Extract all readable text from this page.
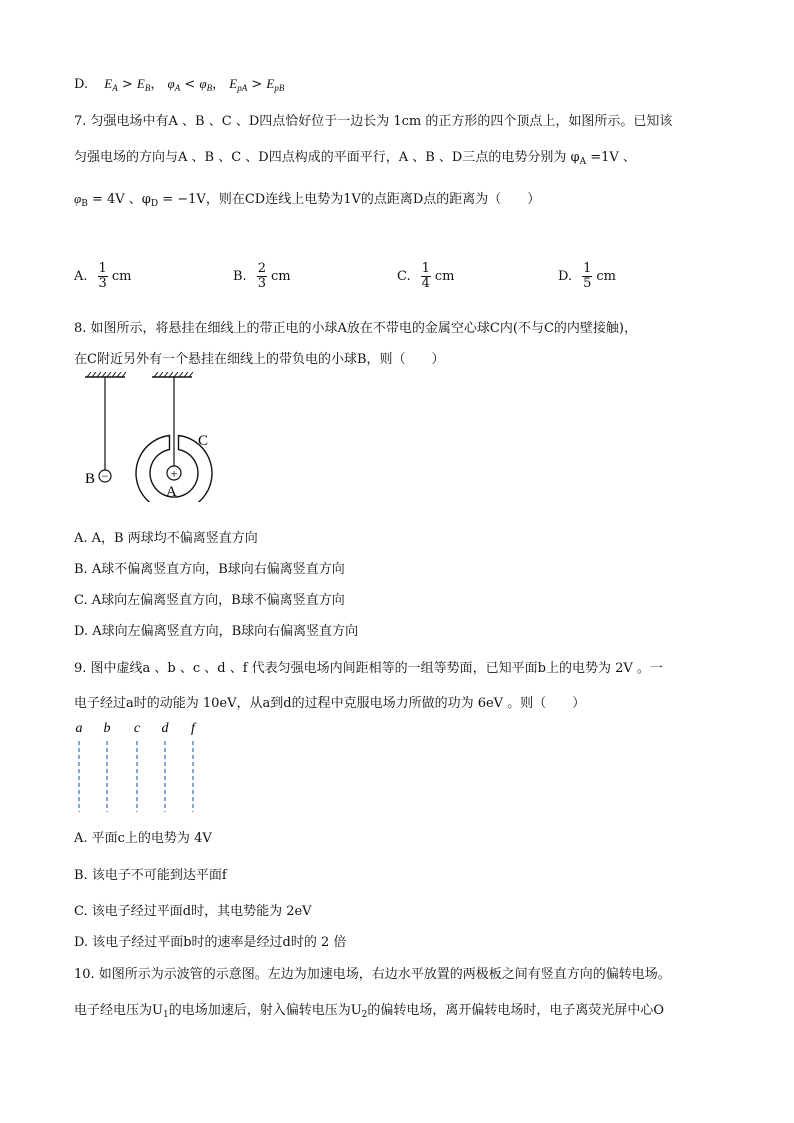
D. $E_A > E_B$， $\varphi_A < \varphi_B$， $E_{pA} > E_{pB}$
7. 匀强电场中有A 、B 、C 、D四点恰好位于一边长为 1cm 的正方形的四个顶点上，如图所示。已知该
匀强电场的方向与A 、B 、C 、D四点构成的平面平行，A 、B 、D三点的电势分别为 $\varphi_A =1V$ 、
$\varphi_B = 4V$ 、$\varphi_D = -1V$，则在CD连线上电势为1V的点距离D点的距离为（　　）
A. $\frac{1}{3}$ cm	B. $\frac{2}{3}$ cm	C. $\frac{1}{4}$ cm	D. $\frac{1}{5}$ cm
8. 如图所示，将悬挂在细线上的带正电的小球A放在不带电的金属空心球C内(不与C的内壁接触)，
在C附近另外有一个悬挂在细线上的带负电的小球B，则（　　）
−
B	+
A
C
A. A，B 两球均不偏离竖直方向
B. A球不偏离竖直方向，B球向右偏离竖直方向
C. A球向左偏离竖直方向，B球不偏离竖直方向
D. A球向左偏离竖直方向，B球向右偏离竖直方向
9. 图中虚线a 、b 、c 、d 、f 代表匀强电场内间距相等的一组等势面，已知平面b上的电势为 2V 。一
电子经过a时的动能为 10eV，从a到d的过程中克服电场力所做的功为 6eV 。则（　　）
a b c d f
A. 平面c上的电势为 4V
B. 该电子不可能到达平面f
C. 该电子经过平面d时，其电势能为 2eV
D. 该电子经过平面b时的速率是经过d时的 2 倍
10. 如图所示为示波管的示意图。左边为加速电场，右边水平放置的两极板之间有竖直方向的偏转电场。
电子经电压为$U_1$的电场加速后，射入偏转电压为$U_2$的偏转电场，离开偏转电场时，电子离荧光屏中心O
